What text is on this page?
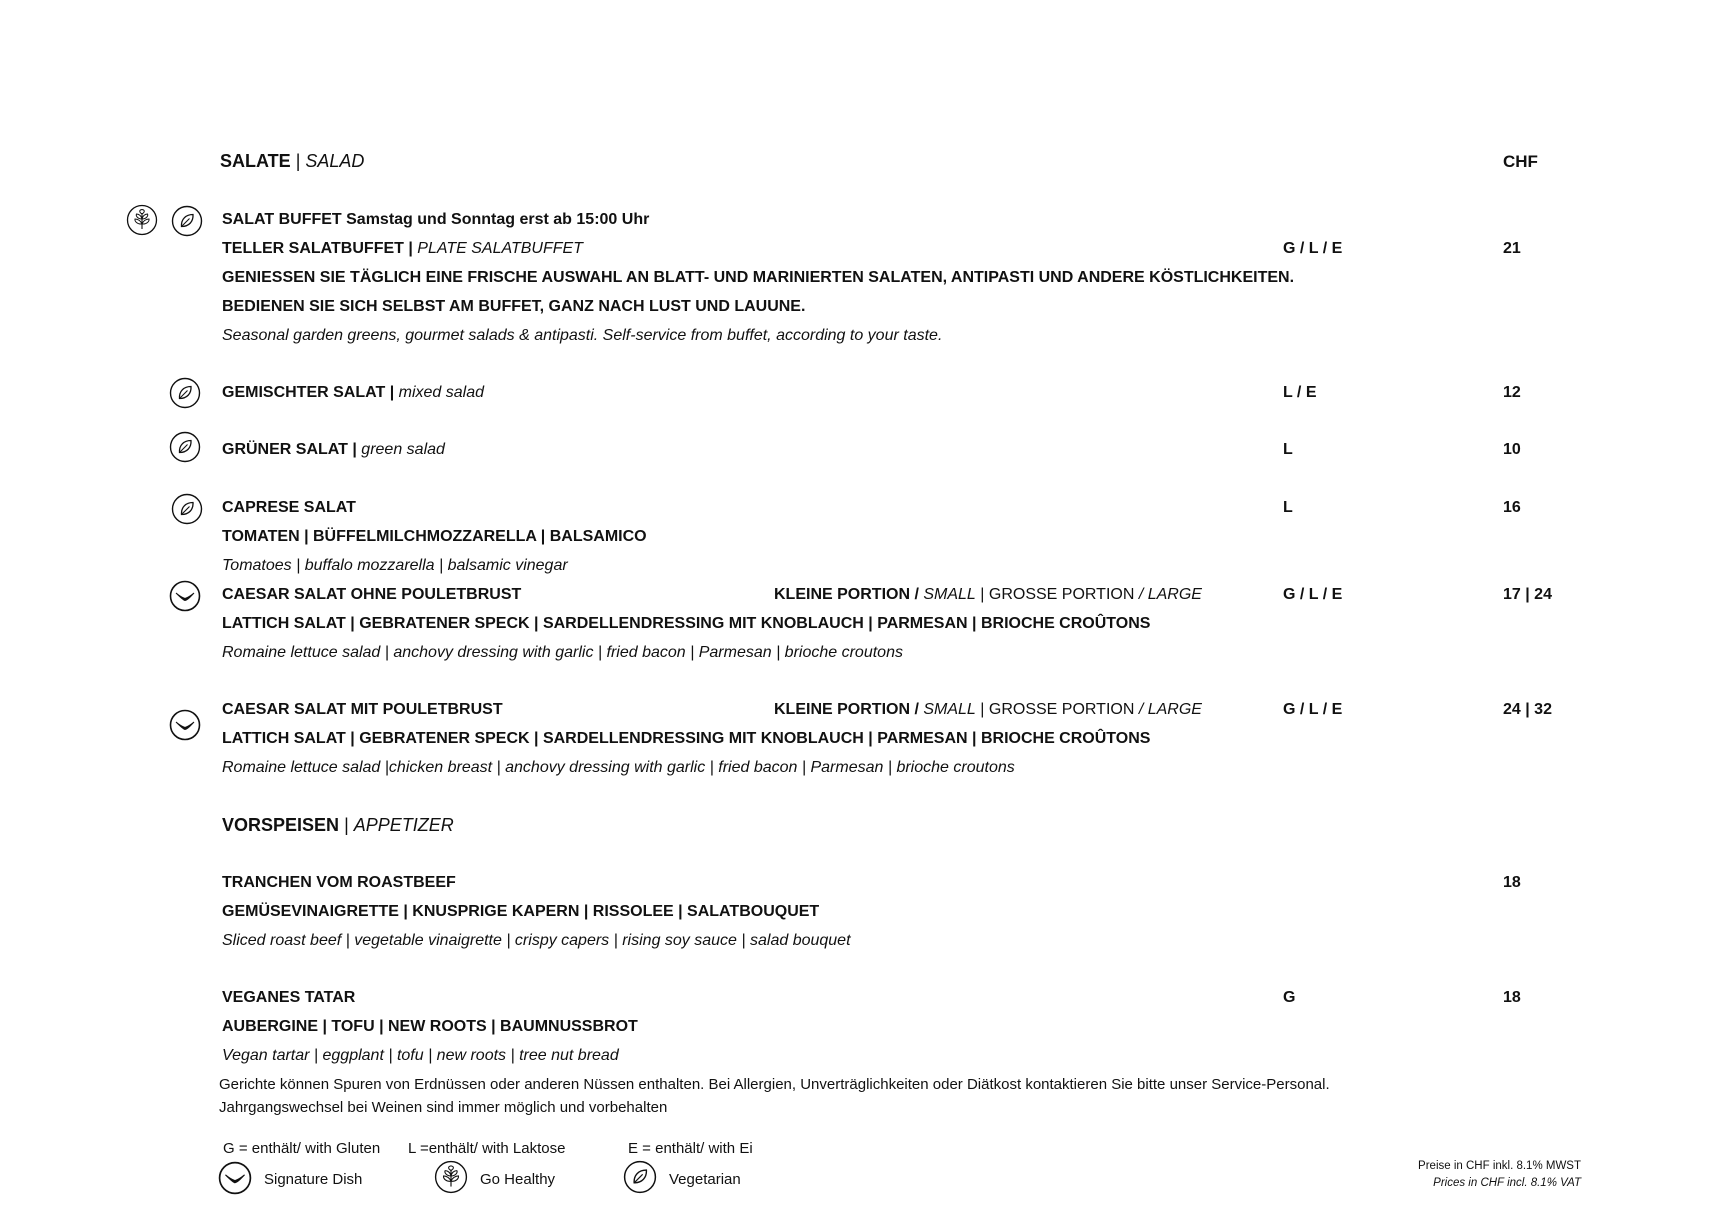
SALATE | SALAD	CHF
SALAT BUFFET Samstag und Sonntag erst ab 15:00 Uhr
TELLER SALATBUFFET | PLATE SALATBUFFET	G / L / E	21
GENIESSEN SIE TÄGLICH EINE FRISCHE AUSWAHL AN BLATT- UND MARINIERTEN SALATEN, ANTIPASTI UND ANDERE KÖSTLICHKEITEN.
BEDIENEN SIE SICH SELBST AM BUFFET, GANZ NACH LUST UND LAUUNE.
Seasonal garden greens, gourmet salads & antipasti. Self-service from buffet, according to your taste.
GEMISCHTER SALAT | mixed salad	L / E	12
GRÜNER SALAT | green salad	L	10
CAPRESE SALAT	L	16
TOMATEN | BÜFFELMILCHMOZZARELLA | BALSAMICO
Tomatoes | buffalo mozzarella | balsamic vinegar
CAESAR SALAT OHNE POULETBRUST	KLEINE PORTION / SMALL | GROSSE PORTION / LARGE	G / L / E	17 | 24
LATTICH SALAT | GEBRATENER SPECK | SARDELLENDRESSING MIT KNOBLAUCH | PARMESAN | BRIOCHE CROÛTONS
Romaine lettuce salad | anchovy dressing with garlic | fried bacon | Parmesan | brioche croutons
CAESAR SALAT MIT POULETBRUST	KLEINE PORTION / SMALL | GROSSE PORTION / LARGE	G / L / E	24 | 32
LATTICH SALAT | GEBRATENER SPECK | SARDELLENDRESSING MIT KNOBLAUCH | PARMESAN | BRIOCHE CROÛTONS
Romaine lettuce salad |chicken breast | anchovy dressing with garlic | fried bacon | Parmesan | brioche croutons
VORSPEISEN | APPETIZER
TRANCHEN VOM ROASTBEEF	18
GEMÜSEVINAIGRETTE | KNUSPRIGE KAPERN | RISSOLEE | SALATBOUQUET
Sliced roast beef | vegetable vinaigrette | crispy capers | rising soy sauce | salad bouquet
VEGANES TATAR	G	18
AUBERGINE | TOFU | NEW ROOTS | BAUMNUSSBROT
Vegan tartar | eggplant | tofu | new roots | tree nut bread
Gerichte können Spuren von Erdnüssen oder anderen Nüssen enthalten. Bei Allergien, Unverträglichkeiten oder Diätkost kontaktieren Sie bitte unser Service-Personal.
Jahrgangswechsel bei Weinen sind immer möglich und vorbehalten
G = enthält/ with Gluten L =enthält/ with Laktose	E = enthält/ with Ei
Signature Dish	Go Healthy	Vegetarian
Preise in CHF inkl. 8.1% MWST
Prices in CHF incl. 8.1% VAT
